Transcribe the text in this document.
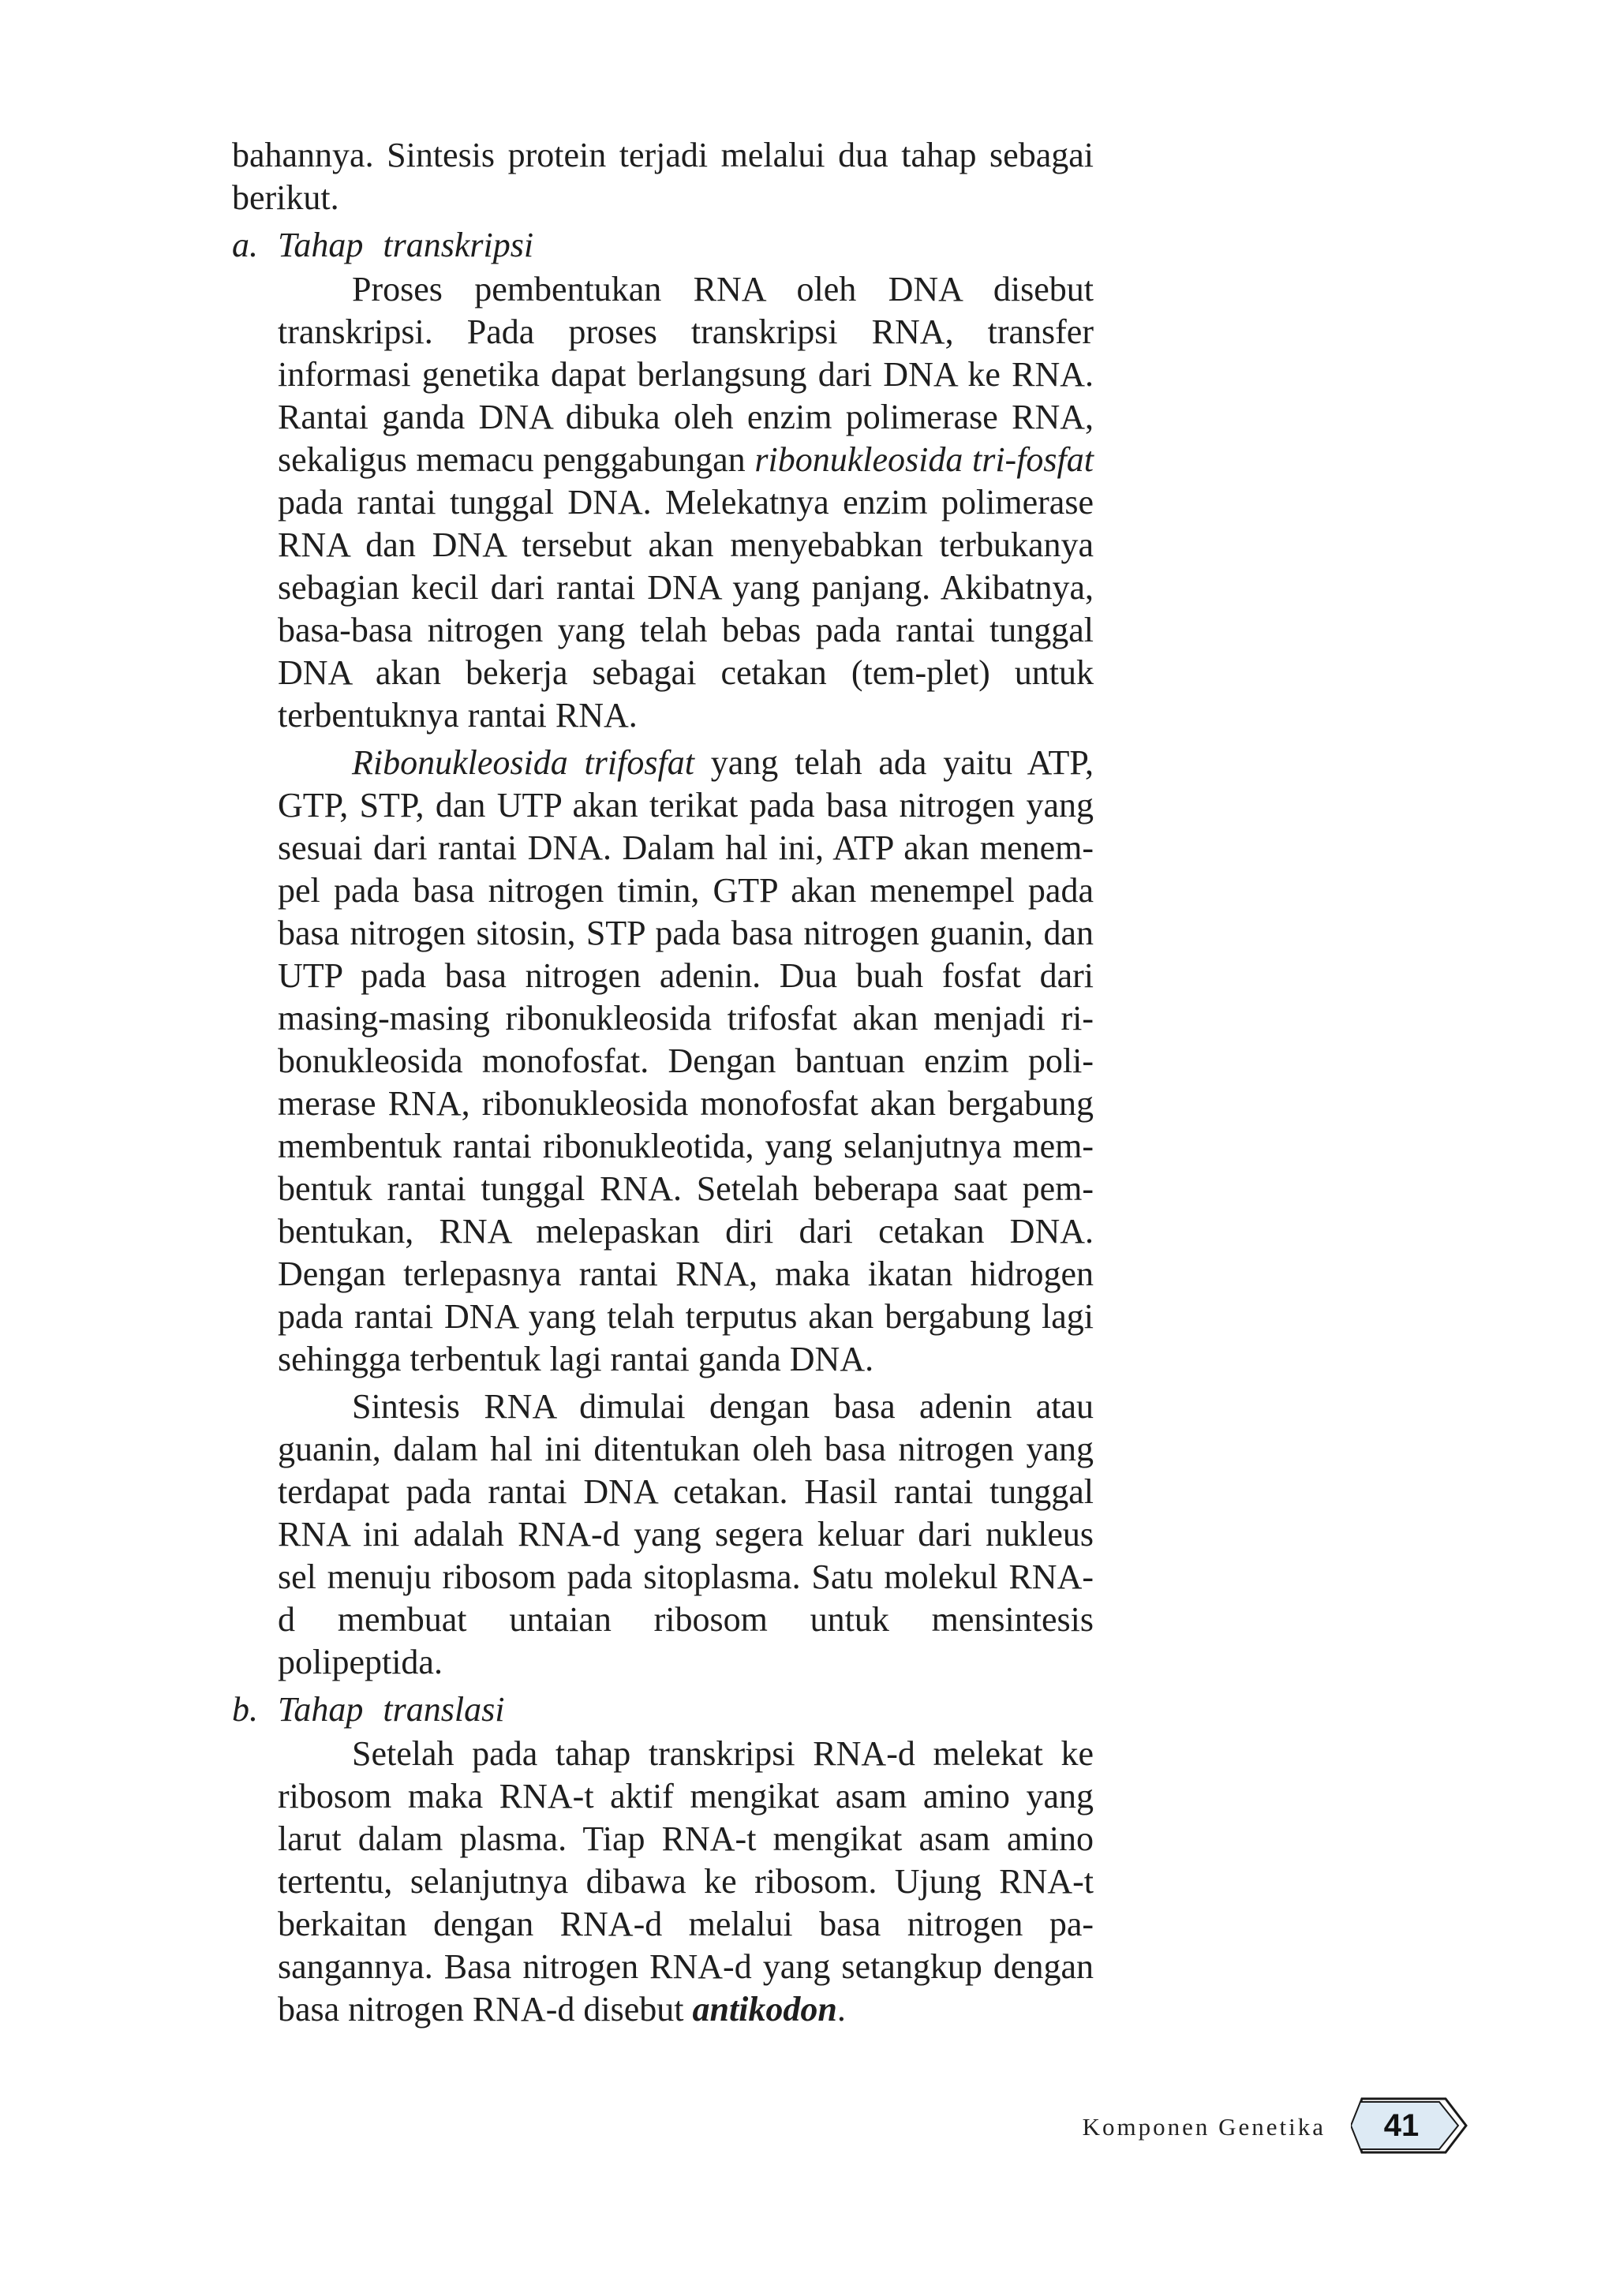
bahannya. Sintesis protein terjadi melalui dua tahap sebagai berikut.

a. Tahap transkripsi

Proses pembentukan RNA oleh DNA disebut transkripsi. Pada proses transkripsi RNA, transfer informasi genetika dapat berlangsung dari DNA ke RNA. Rantai ganda DNA dibuka oleh enzim polimerase RNA, sekaligus memacu penggabungan ribonukleosida tri-fosfat pada rantai tunggal DNA. Melekatnya enzim polimerase RNA dan DNA tersebut akan menyebabkan terbukanya sebagian kecil dari rantai DNA yang panjang. Akibatnya, basa-basa nitrogen yang telah bebas pada rantai tunggal DNA akan bekerja sebagai cetakan (tem-plet) untuk terbentuknya rantai RNA.

Ribonukleosida trifosfat yang telah ada yaitu ATP, GTP, STP, dan UTP akan terikat pada basa nitrogen yang sesuai dari rantai DNA. Dalam hal ini, ATP akan menem-pel pada basa nitrogen timin, GTP akan menempel pada basa nitrogen sitosin, STP pada basa nitrogen guanin, dan UTP pada basa nitrogen adenin. Dua buah fosfat dari masing-masing ribonukleosida trifosfat akan menjadi ri-bonukleosida monofosfat. Dengan bantuan enzim poli-merase RNA, ribonukleosida monofosfat akan bergabung membentuk rantai ribonukleotida, yang selanjutnya mem-bentuk rantai tunggal RNA. Setelah beberapa saat pem-bentukan, RNA melepaskan diri dari cetakan DNA. Dengan terlepasnya rantai RNA, maka ikatan hidrogen pada rantai DNA yang telah terputus akan bergabung lagi sehingga terbentuk lagi rantai ganda DNA.

Sintesis RNA dimulai dengan basa adenin atau guanin, dalam hal ini ditentukan oleh basa nitrogen yang terdapat pada rantai DNA cetakan. Hasil rantai tunggal RNA ini adalah RNA-d yang segera keluar dari nukleus sel menuju ribosom pada sitoplasma. Satu molekul RNA-d membuat untaian ribosom untuk mensintesis polipeptida.

b. Tahap translasi

Setelah pada tahap transkripsi RNA-d melekat ke ribosom maka RNA-t aktif mengikat asam amino yang larut dalam plasma. Tiap RNA-t mengikat asam amino tertentu, selanjutnya dibawa ke ribosom. Ujung RNA-t berkaitan dengan RNA-d melalui basa nitrogen pa-sangannya. Basa nitrogen RNA-d yang setangkup dengan basa nitrogen RNA-d disebut antikodon.

Komponen Genetika	41
